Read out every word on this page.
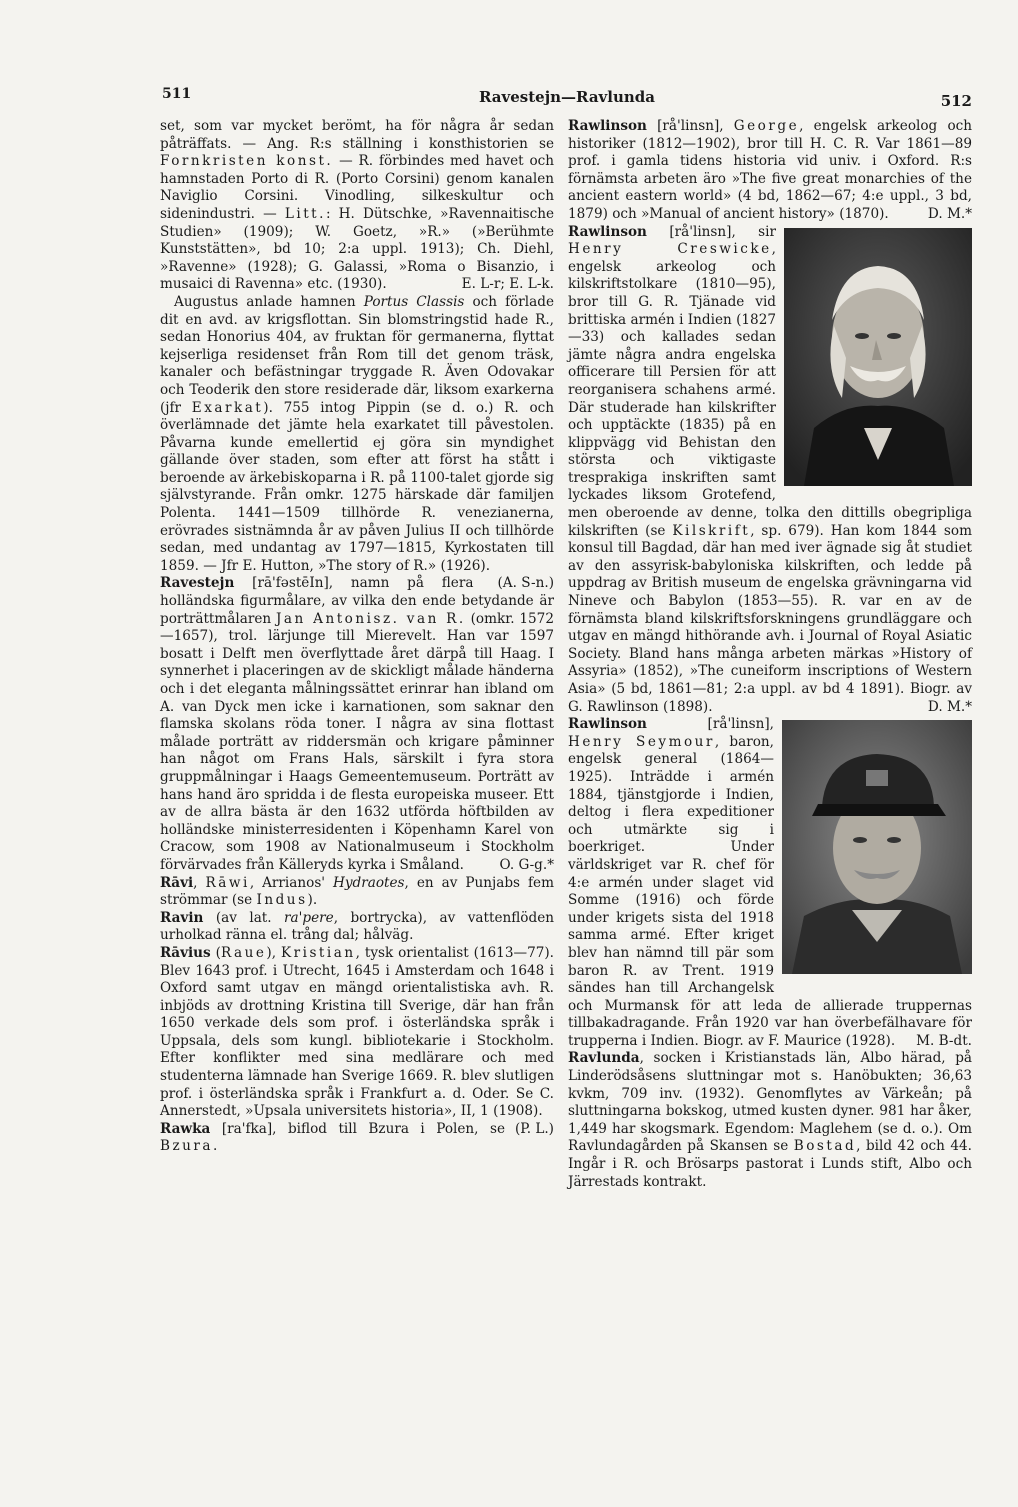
511	Ravestejn—Ravlunda	512

set, som var mycket berömt, ha för några år sedan påträffats. — Ang. R:s ställning i konsthistorien se Fornkristen konst. — R. förbindes med havet och hamnstaden Porto di R. (Porto Corsini) genom kanalen Naviglio Corsini. Vinodling, silkeskultur och sidenindustri. — Litt.: H. Dütschke, »Ravennaitische Studien» (1909); W. Goetz, »R.» (»Berühmte Kunststätten», bd 10; 2:a uppl. 1913); Ch. Diehl, »Ravenne» (1928); G. Galassi, »Roma o Bisanzio, i musaici di Ravenna» etc. (1930).	E. L-r; E. L-k.

Augustus anlade hamnen Portus Classis och förlade dit en avd. av krigsflottan. Sin blomstringstid hade R., sedan Honorius 404, av fruktan för germanerna, flyttat kejserliga residenset från Rom till det genom träsk, kanaler och befästningar tryggade R. Även Odovakar och Teoderik den store residerade där, liksom exarkerna (jfr Exarkat). 755 intog Pippin (se d. o.) R. och överlämnade det jämte hela exarkatet till påvestolen. Påvarna kunde emellertid ej göra sin myndighet gällande över staden, som efter att först ha stått i beroende av ärkebiskoparna i R. på 1100-talet gjorde sig självstyrande. Från omkr. 1275 härskade där familjen Polenta. 1441—1509 tillhörde R. venezianerna, erövrades sistnämnda år av påven Julius II och tillhörde sedan, med undantag av 1797—1815, Kyrkostaten till 1859. — Jfr E. Hutton, »The story of R.» (1926).
(A. S-n.)

Ravestejn [rā'fəstēIn], namn på flera holländska figurmålare, av vilka den ende betydande är porträttmålaren Jan Antonisz. van R. (omkr. 1572—1657), trol. lärjunge till Mierevelt. Han var 1597 bosatt i Delft men överflyttade året därpå till Haag. I synnerhet i placeringen av de skickligt målade händerna och i det eleganta målningssättet erinrar han ibland om A. van Dyck men icke i karnationen, som saknar den flamska skolans röda toner. I några av sina flottast målade porträtt av riddersmän och krigare påminner han något om Frans Hals, särskilt i fyra stora gruppmålningar i Haags Gemeentemuseum. Porträtt av hans hand äro spridda i de flesta europeiska museer. Ett av de allra bästa är den 1632 utförda höftbilden av holländske ministerresidenten i Köpenhamn Karel von Cracow, som 1908 av Nationalmuseum i Stockholm förvärvades från Källeryds kyrka i Småland.	O. G-g.*

Rāvi, Rāwi, Arrianos' Hydraotes, en av Punjabs fem strömmar (se Indus).

Ravin (av lat. ra'pere, bortrycka), av vattenflöden urholkad ränna el. trång dal; hålväg.

Rāvius (Raue), Kristian, tysk orientalist (1613—77). Blev 1643 prof. i Utrecht, 1645 i Amsterdam och 1648 i Oxford samt utgav en mängd orientalistiska avh. R. inbjöds av drottning Kristina till Sverige, där han från 1650 verkade dels som prof. i österländska språk i Uppsala, dels som kungl. bibliotekarie i Stockholm. Efter konflikter med sina medlärare och med studenterna lämnade han Sverige 1669. R. blev slutligen prof. i österländska språk i Frankfurt a. d. Oder. Se C. Annerstedt, »Upsala universitets historia», II, 1 (1908).
(P. L.)

Rawka [ra'fka], biflod till Bzura i Polen, se Bzura.

Rawlinson [rå'linsn], George, engelsk arkeolog och historiker (1812—1902), bror till H. C. R. Var 1861—89 prof. i gamla tidens historia vid univ. i Oxford. R:s förnämsta arbeten äro »The five great monarchies of the ancient eastern world» (4 bd, 1862—67; 4:e uppl., 3 bd, 1879) och »Manual of ancient history» (1870).	D. M.*

Rawlinson [rå'linsn], sir Henry Creswicke, engelsk arkeolog och kilskriftstolkare (1810—95), bror till G. R. Tjänade vid brittiska armén i Indien (1827—33) och kallades sedan jämte några andra engelska officerare till Persien för att reorganisera schahens armé. Där studerade han kilskrifter och upptäckte (1835) på en klippvägg vid Behistan den största och viktigaste tresprakiga inskriften samt lyckades liksom Grotefend, men oberoende av denne, tolka den dittills obegripliga kilskriften (se Kilskrift, sp. 679). Han kom 1844 som konsul till Bagdad, där han med iver ägnade sig åt studiet av den assyrisk-babyloniska kilskriften, och ledde på uppdrag av British museum de engelska grävningarna vid Nineve och Babylon (1853—55). R. var en av de förnämsta bland kilskriftsforskningens grundläggare och utgav en mängd hithörande avh. i Journal of Royal Asiatic Society. Bland hans många arbeten märkas »History of Assyria» (1852), »The cuneiform inscriptions of Western Asia» (5 bd, 1861—81; 2:a uppl. av bd 4 1891). Biogr. av G. Rawlinson (1898).	D. M.*

Rawlinson [rå'linsn], Henry Seymour, baron, engelsk general (1864—1925). Inträdde i armén 1884, tjänstgjorde i Indien, deltog i flera expeditioner och utmärkte sig i boerkriget. Under världskriget var R. chef för 4:e armén under slaget vid Somme (1916) och förde under krigets sista del 1918 samma armé. Efter kriget blev han nämnd till pär som baron R. av Trent. 1919 sändes han till Archangelsk och Murmansk för att leda de allierade truppernas tillbakadragande. Från 1920 var han överbefälhavare för trupperna i Indien. Biogr. av F. Maurice (1928). M. B-dt.

Ravlunda, socken i Kristianstads län, Albo härad, på Linderödsåsens sluttningar mot s. Hanöbukten; 36,63 kvkm, 709 inv. (1932). Genomflytes av Värkeån; på sluttningarna bokskog, utmed kusten dyner. 981 har åker, 1,449 har skogsmark. Egendom: Maglehem (se d. o.). Om Ravlundagården på Skansen se Bostad, bild 42 och 44. Ingår i R. och Brösarps pastorat i Lunds stift, Albo och Järrestads kontrakt.
